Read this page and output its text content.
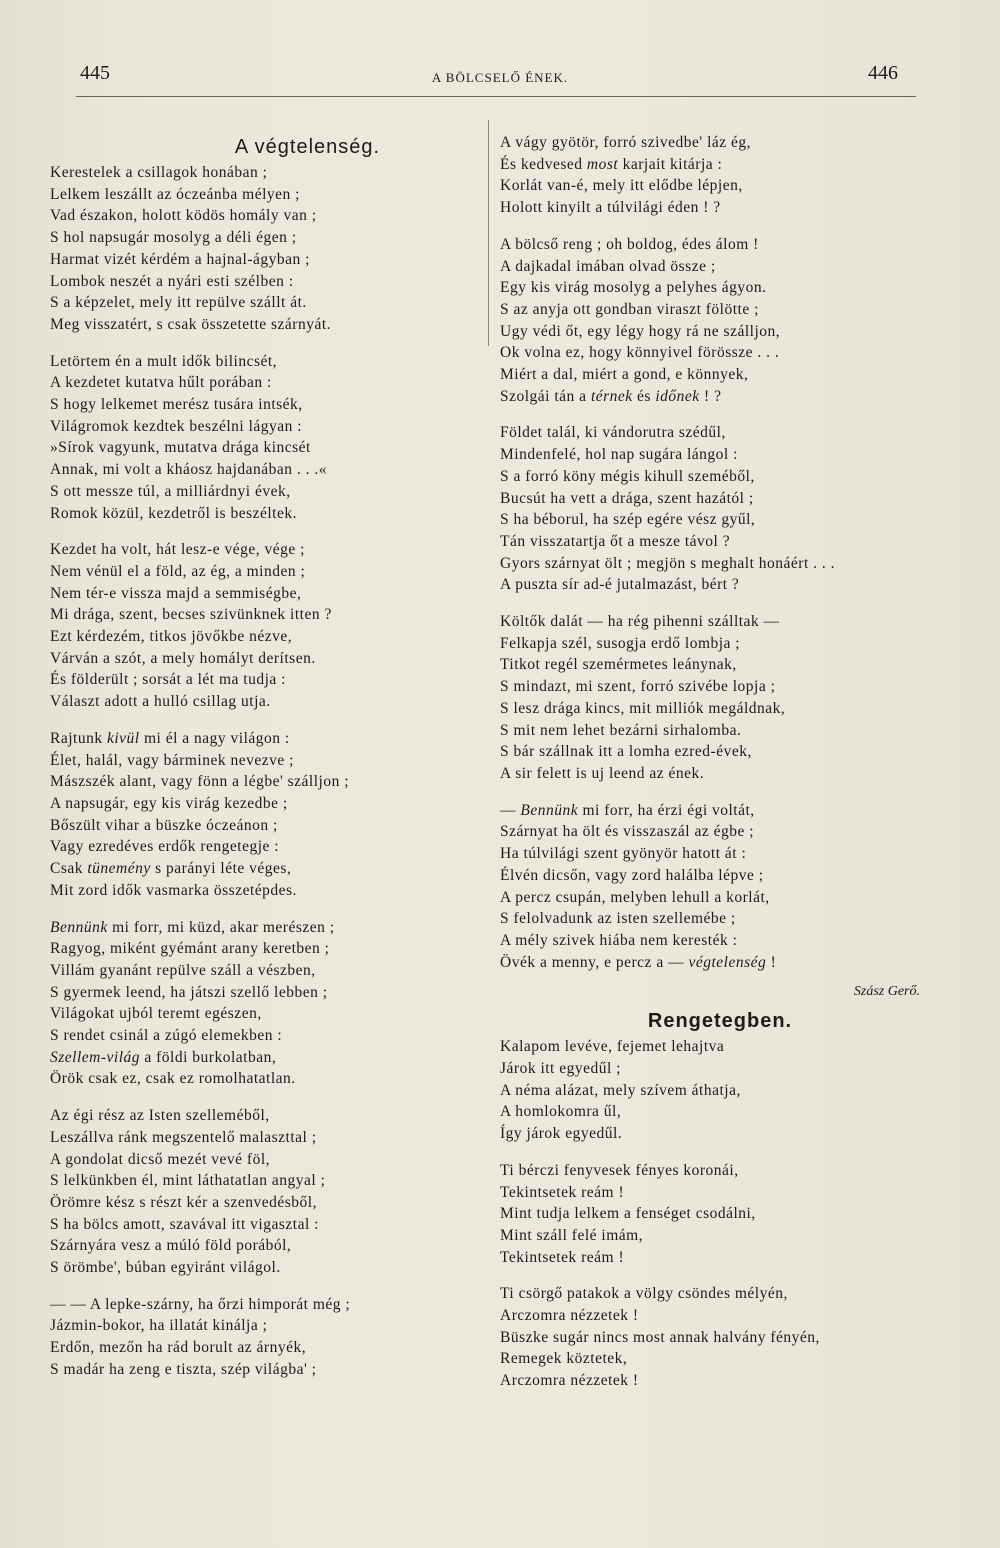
445	A BÖLCSELŐ ÉNEK.	446
A végtelenség.
Kerestelek a csillagok honában ;
Lelkem leszállt az óczeánba mélyen ;
Vad északon, holott ködös homály van ;
S hol napsugár mosolyg a déli égen ;
Harmat vizét kérdém a hajnal-ágyban ;
Lombok neszét a nyári esti szélben :
S a képzelet, mely itt repülve szállt át.
Meg visszatért, s csak összetette szárnyát.
Letörtem én a mult idők bilincsét,
A kezdetet kutatva hűlt porában :
S hogy lelkemet merész tusára intsék,
Világromok kezdtek beszélni lágyan :
»Sírok vagyunk, mutatva drága kincsét
Annak, mi volt a kháosz hajdanában . . .«
S ott messze túl, a milliárdnyi évek,
Romok közül, kezdetről is beszéltek.
Kezdet ha volt, hát lesz-e vége, vége ;
Nem vénül el a föld, az ég, a minden ;
Nem tér-e vissza majd a semmiségbe,
Mi drága, szent, becses szivünknek itten ?
Ezt kérdezém, titkos jövőkbe nézve,
Várván a szót, a mely homályt derítsen.
És földerült ; sorsát a lét ma tudja :
Választ adott a hulló csillag utja.
Rajtunk kivül mi él a nagy világon :
Élet, halál, vagy bárminek nevezve ;
Mászszék alant, vagy fönn a légbe' szálljon ;
A napsugár, egy kis virág kezedbe ;
Bőszült vihar a büszke óczeánon ;
Vagy ezredéves erdők rengetegje :
Csak tünemény s parányi léte véges,
Mit zord idők vasmarka összetépdes.
Bennünk mi forr, mi küzd, akar merészen ;
Ragyog, miként gyémánt arany keretben ;
Villám gyanánt repülve száll a vészben,
S gyermek leend, ha játszi szellő lebben ;
Világokat ujból teremt egészen,
S rendet csinál a zúgó elemekben :
Szellem-világ a földi burkolatban,
Örök csak ez, csak ez romolhatatlan.
Az égi rész az Isten szelleméből,
Leszállva ránk megszentelő malaszttal ;
A gondolat dicső mezét vevé föl,
S lelkünkben él, mint láthatatlan angyal ;
Örömre kész s részt kér a szenvedésből,
S ha bölcs amott, szavával itt vigasztal :
Szárnyára vesz a múló föld porából,
S örömbe', búban egyiránt világol.
— — A lepke-szárny, ha őrzi himporát még ;
Jázmin-bokor, ha illatát kinálja ;
Erdőn, mezőn ha rád borult az árnyék,
S madár ha zeng e tiszta, szép világba' ;
A vágy gyötör, forró szivedbe' láz ég,
És kedvesed most karjait kitárja :
Korlát van-é, mely itt elődbe lépjen,
Holott kinyilt a túlvilági éden ! ?
A bölcső reng ; oh boldog, édes álom !
A dajkadal imában olvad össze ;
Egy kis virág mosolyg a pelyhes ágyon.
S az anyja ott gondban viraszt fölötte ;
Ugy védi őt, egy légy hogy rá ne szálljon,
Ok volna ez, hogy könnyivel förössze . . .
Miért a dal, miért a gond, e könnyek,
Szolgái tán a térnek és időnek ! ?
Földet talál, ki vándorutra szédűl,
Mindenfelé, hol nap sugára lángol :
S a forró köny mégis kihull szeméből,
Bucsút ha vett a drága, szent hazától ;
S ha béborul, ha szép egére vész gyűl,
Tán visszatartja őt a mesze távol ?
Gyors szárnyat ölt ; megjön s meghalt honáért . . .
A puszta sír ad-é jutalmazást, bért ?
Költők dalát — ha rég pihenni szálltak —
Felkapja szél, susogja erdő lombja ;
Titkot regél szemérmetes leánynak,
S mindazt, mi szent, forró szivébe lopja ;
S lesz drága kincs, mit milliók megáldnak,
S mit nem lehet bezárni sirhalomba.
S bár szállnak itt a lomha ezred-évek,
A sir felett is uj leend az ének.
— Bennünk mi forr, ha érzi égi voltát,
Szárnyat ha ölt és visszaszál az égbe ;
Ha túlvilági szent gyönyör hatott át :
Élvén dicsőn, vagy zord halálba lépve ;
A percz csupán, melyben lehull a korlát,
S felolvadunk az isten szellemébe ;
A mély szivek hiába nem keresték :
Övék a menny, e percz a — végtelenség !
Szász Gerő.
Rengetegben.
Kalapom levéve, fejemet lehajtva
Járok itt egyedűl ;
A néma alázat, mely szívem áthatja,
A homlokomra űl,
Így járok egyedűl.
Ti bérczi fenyvesek fényes koronái,
Tekintsetek reám !
Mint tudja lelkem a fenséget csodálni,
Mint száll felé imám,
Tekintsetek reám !
Ti csörgő patakok a völgy csöndes mélyén,
Arczomra nézzetek !
Büszke sugár nincs most annak halvány fényén,
Remegek köztetek,
Arczomra nézzetek !
